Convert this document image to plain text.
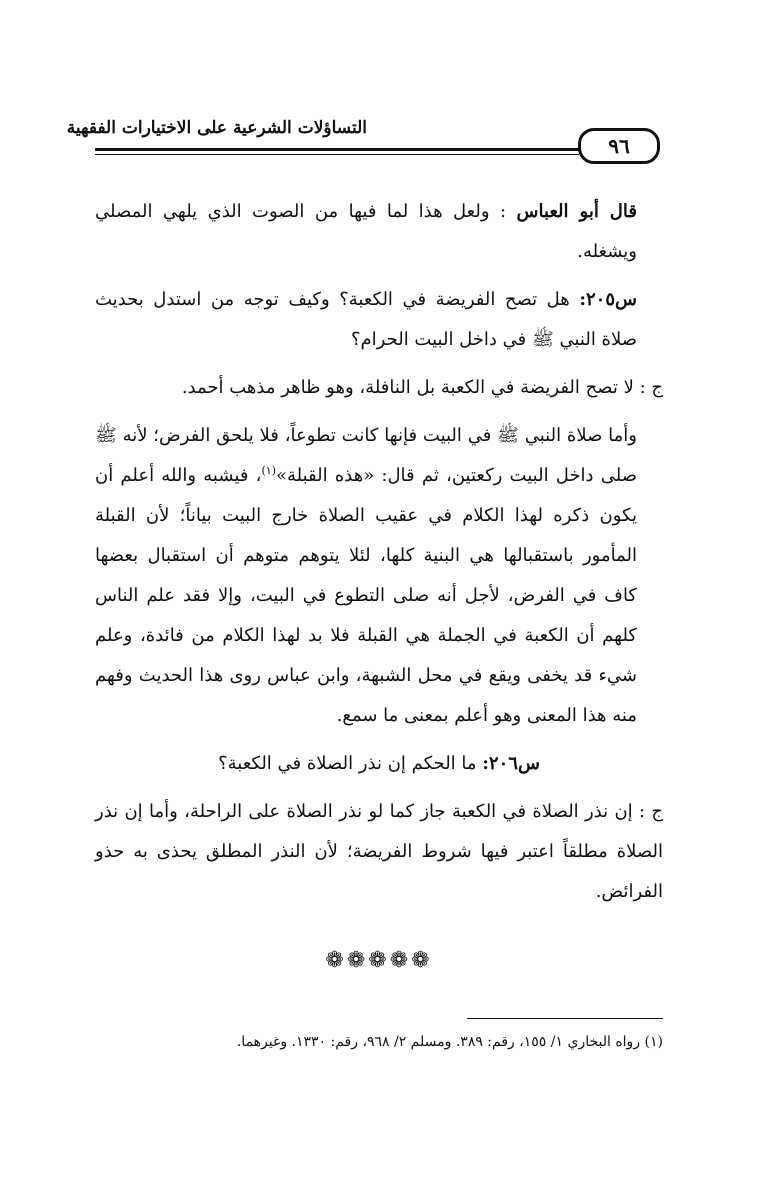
التساؤلات الشرعية على الاختيارات الفقهية
٩٦

قال أبو العباس : ولعل هذا لما فيها من الصوت الذي يلهي المصلي ويشغله.

س٢٠٥: هل تصح الفريضة في الكعبة؟ وكيف توجه من استدل بحديث صلاة النبي ﷺ في داخل البيت الحرام؟

ج : لا تصح الفريضة في الكعبة بل النافلة، وهو ظاهر مذهب أحمد.

وأما صلاة النبي ﷺ في البيت فإنها كانت تطوعاً، فلا يلحق الفرض؛ لأنه ﷺ صلى داخل البيت ركعتين، ثم قال: «هذه القبلة»$^{(١)}$، فيشبه والله أعلم أن يكون ذكره لهذا الكلام في عقيب الصلاة خارج البيت بياناً؛ لأن القبلة المأمور باستقبالها هي البنية كلها، لئلا يتوهم متوهم أن استقبال بعضها كاف في الفرض، لأجل أنه صلى التطوع في البيت، وإلا فقد علم الناس كلهم أن الكعبة في الجملة هي القبلة فلا بد لهذا الكلام من فائدة، وعلم شيء قد يخفى ويقع في محل الشبهة، وابن عباس روى هذا الحديث وفهم منه هذا المعنى وهو أعلم بمعنى ما سمع.

س٢٠٦: ما الحكم إن نذر الصلاة في الكعبة؟

ج : إن نذر الصلاة في الكعبة جاز كما لو نذر الصلاة على الراحلة، وأما إن نذر الصلاة مطلقاً اعتبر فيها شروط الفريضة؛ لأن النذر المطلق يحذى به حذو الفرائض.

❁❁❁❁❁
(١) رواه البخاري ١/ ١٥٥، رقم: ٣٨٩. ومسلم ٢/ ٩٦٨، رقم: ١٣٣٠. وغيرهما.
